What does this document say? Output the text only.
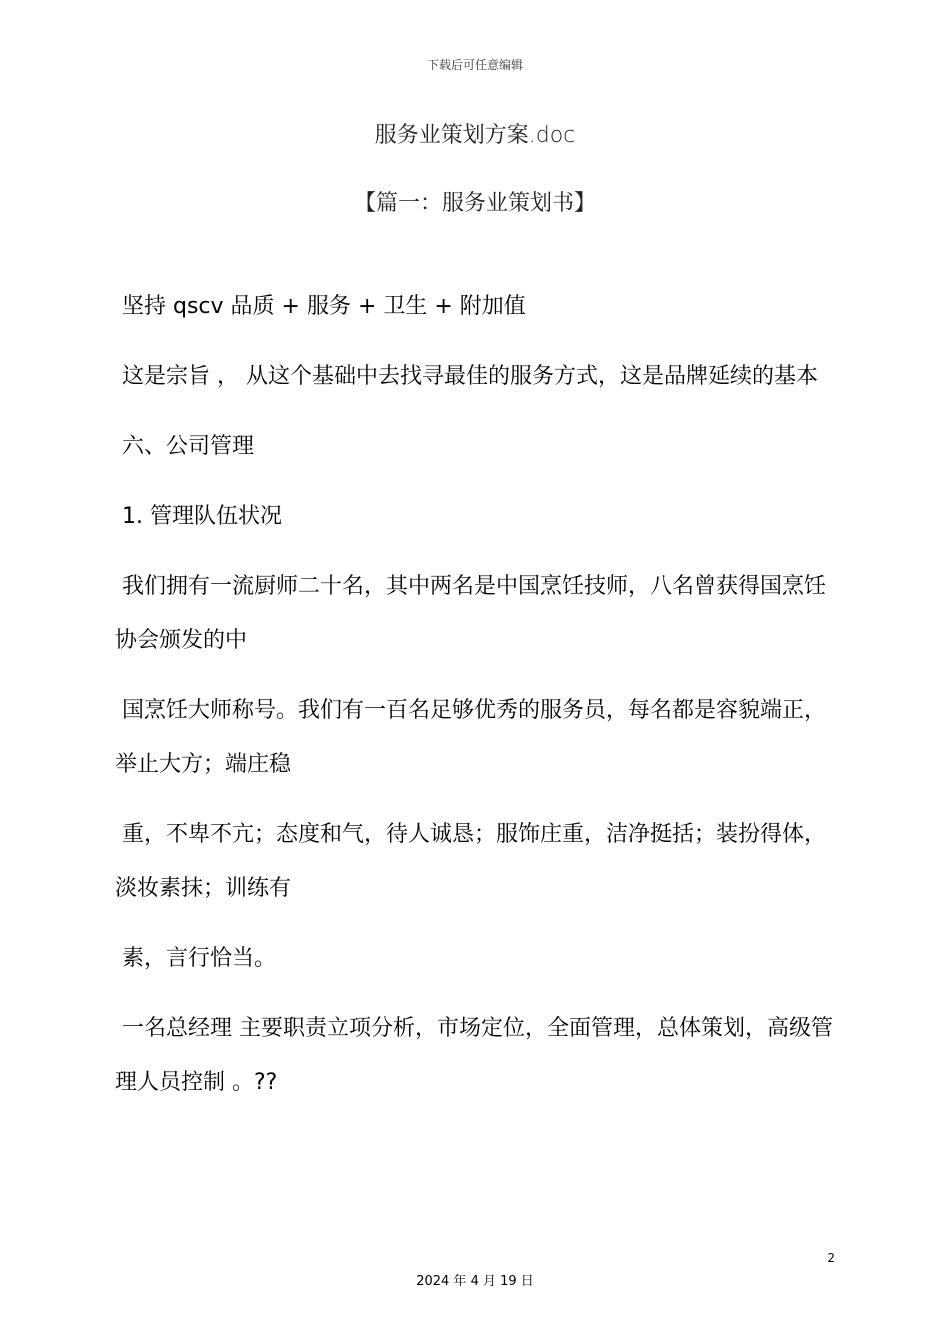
下载后可任意编辑
服务业策划方案.doc
【篇一：服务业策划书】

坚持 qscv 品质 + 服务 + 卫生 + 附加值

这是宗旨 ， 从这个基础中去找寻最佳的服务方式，这是品牌延续的基本

六、公司管理

1. 管理队伍状况

我们拥有一流厨师二十名，其中两名是中国烹饪技师，八名曾获得国烹饪协会颁发的中

国烹饪大师称号。我们有一百名足够优秀的服务员，每名都是容貌端正，举止大方；端庄稳

重，不卑不亢；态度和气，待人诚恳；服饰庄重，洁净挺括；装扮得体，淡妆素抹；训练有

素，言行恰当。

一名总经理 主要职责立项分析，市场定位，全面管理，总体策划，高级管理人员控制 。??

2
2024 年 4 月 19 日
